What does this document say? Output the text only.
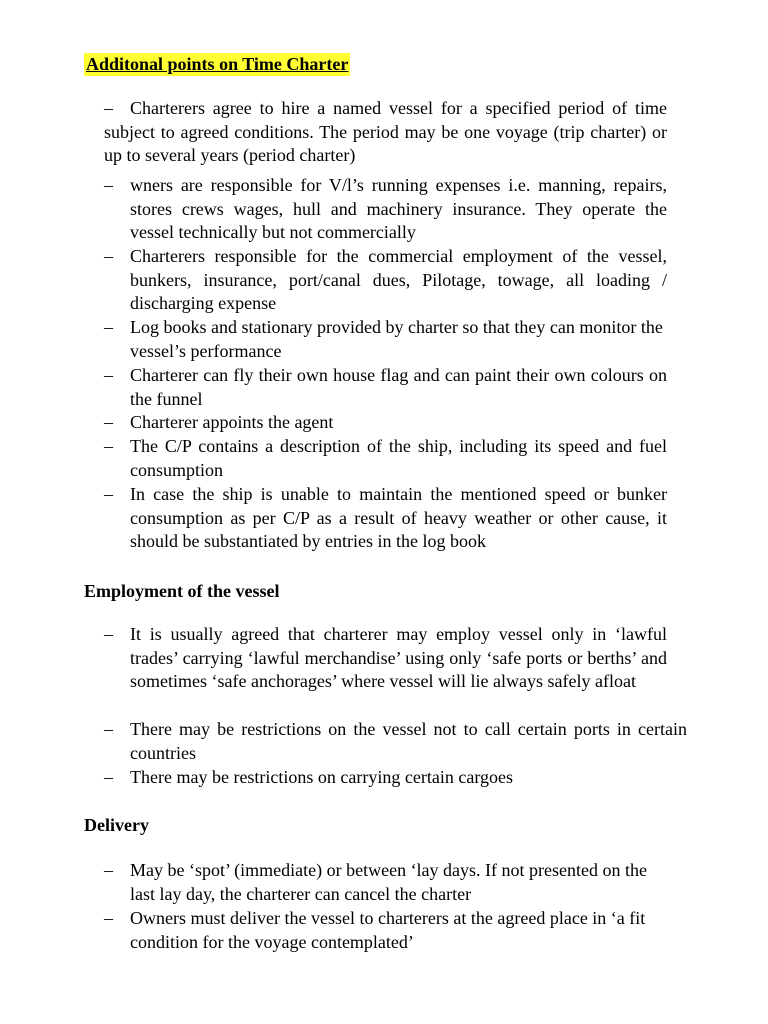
Additonal points on Time Charter
Charterers agree to hire a named vessel for a specified period of time subject to agreed conditions. The period may be one voyage (trip charter) or up to several years (period charter)
–
– wners are responsible for V/l’s running expenses i.e. manning, repairs, stores crews wages, hull and machinery insurance. They operate the vessel technically but not commercially
– Charterers responsible for the commercial employment of the vessel, bunkers, insurance, port/canal dues, Pilotage, towage, all loading / discharging expense
– Log books and stationary provided by charter so that they can monitor the vessel’s performance
– Charterer can fly their own house flag and can paint their own colours on the funnel
– Charterer appoints the agent
– The C/P contains a description of the ship, including its speed and fuel consumption
– In case the ship is unable to maintain the mentioned speed or bunker consumption as per C/P as a result of heavy weather or other cause, it should be substantiated by entries in the log book
Employment of the vessel
– It is usually agreed that charterer may employ vessel only in ‘lawful trades’ carrying ‘lawful merchandise’ using only ‘safe ports or berths’ and sometimes ‘safe anchorages’ where vessel will lie always safely afloat
– There may be restrictions on the vessel not to call certain ports in certain countries
– There may be restrictions on carrying certain cargoes
Delivery
– May be ‘spot’ (immediate) or between ‘lay days. If not presented on the last lay day, the charterer can cancel the charter
– Owners must deliver the vessel to charterers at the agreed place in ‘a fit condition for the voyage contemplated’
